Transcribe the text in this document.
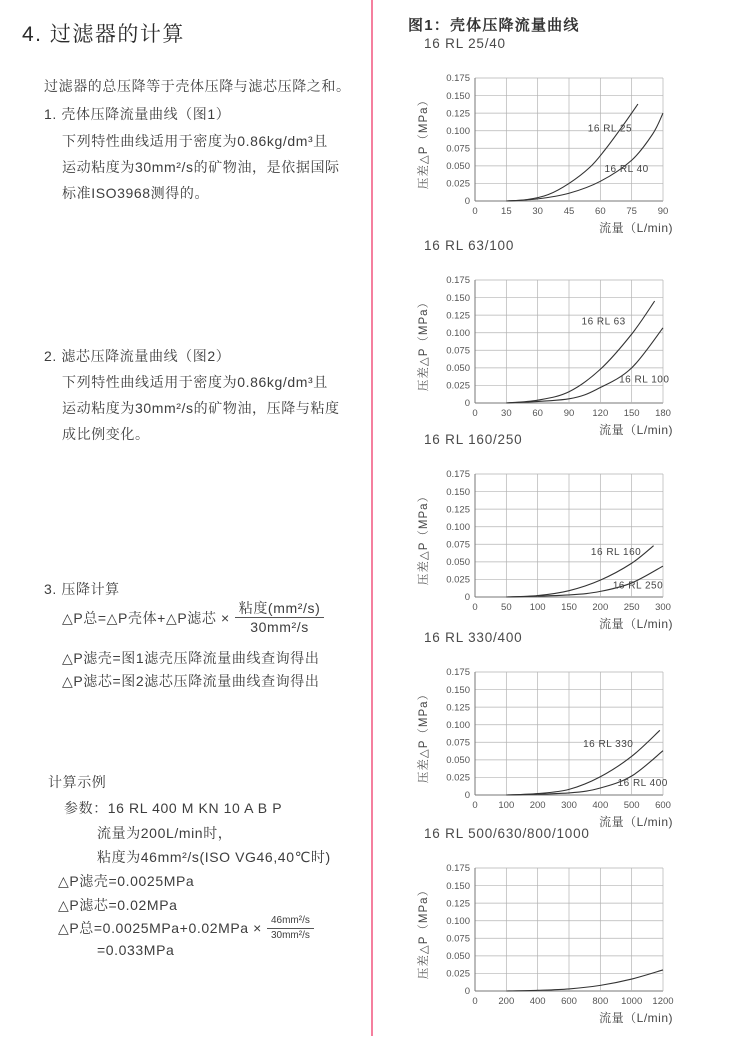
4. 过滤器的计算
过滤器的总压降等于壳体压降与滤芯压降之和。
1. 壳体压降流量曲线（图1）
下列特性曲线适用于密度为0.86kg/dm³且
运动粘度为30mm²/s的矿物油，是依据国际
标准ISO3968测得的。
2. 滤芯压降流量曲线（图2）
下列特性曲线适用于密度为0.86kg/dm³且
运动粘度为30mm²/s的矿物油，压降与粘度
成比例变化。
3. 压降计算
△P总=△P壳体+△P滤芯 × $\frac{\text{粘度(mm²/s)}}{\text{30mm²/s}}$
△P滤壳=图1滤壳压降流量曲线查询得出
△P滤芯=图2滤芯压降流量曲线查询得出
计算示例
参数：16 RL 400 M KN 10 A B P
流量为200L/min时，
粘度为46mm²/s(ISO VG46,40℃时)
△P滤壳=0.0025MPa
△P滤芯=0.02MPa
△P总$=0.0025MPa+0.02MPa \times \frac{\text{46mm²/s}}{\text{30mm²/s}}$
=0.033MPa
图1：壳体压降流量曲线
16 RL 25/40
0
0.025
0.050
0.075
0.100
0.125
0.150
0.175
0 15 30 45 60 75 90
16 RL 25
16 RL 40
流量（L/min)
压差△P（MPa）
16 RL 63/100
0
0.025
0.050
0.075
0.100
0.125
0.150
0.175
0 30 60 90 120 150 180
16 RL 63
16 RL 100
流量（L/min)
压差△P（MPa）
16 RL 160/250
0
0.025
0.050
0.075
0.100
0.125
0.150
0.175
0 50 100 150 200 250 300
16 RL 160
16 RL 250
流量（L/min)
压差△P（MPa）
16 RL 330/400
0
0.025
0.050
0.075
0.100
0.125
0.150
0.175
0 100 200 300 400 500 600
16 RL 330
16 RL 400
流量（L/min)
压差△P（MPa）
16 RL 500/630/800/1000
0
0.025
0.050
0.075
0.100
0.125
0.150
0.175
0 200 400 600 800 1000 1200
流量（L/min)
压差△P（MPa）
